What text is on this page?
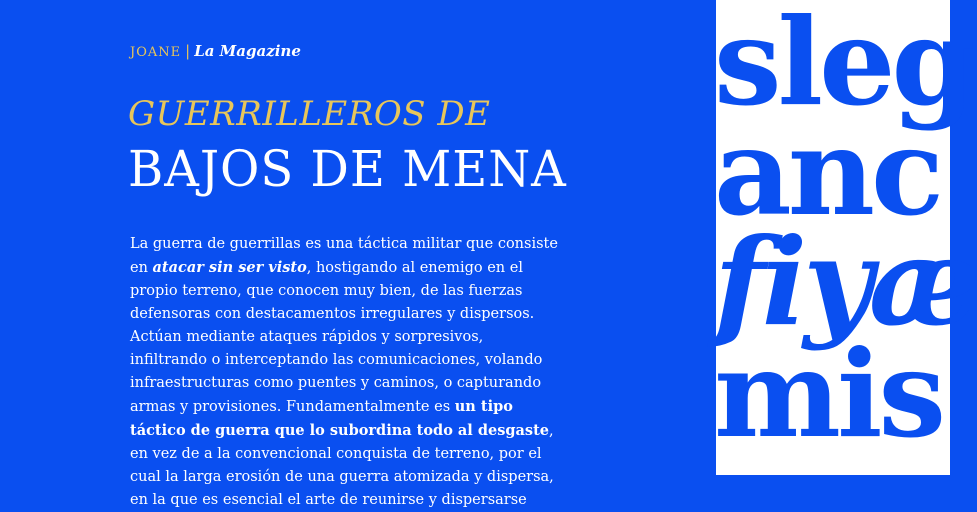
JOANE | La Magazine
GUERRILLEROS DE
BAJOS DE MENA

La guerra de guerrillas es una táctica militar que consiste en atacar sin ser visto, hostigando al enemigo en el propio terreno, que conocen muy bien, de las fuerzas defensoras con destacamentos irregulares y dispersos. Actúan mediante ataques rápidos y sorpresivos, infiltrando o interceptando las comunicaciones, volando infraestructuras como puentes y caminos, o capturando armas y provisiones. Fundamentalmente es un tipo táctico de guerra que lo subordina todo al desgaste, en vez de a la convencional conquista de terreno, por el cual la larga erosión de una guerra atomizada y dispersa, en la que es esencial el arte de reunirse y dispersarse

sleg
anc
fiyæ
mis
